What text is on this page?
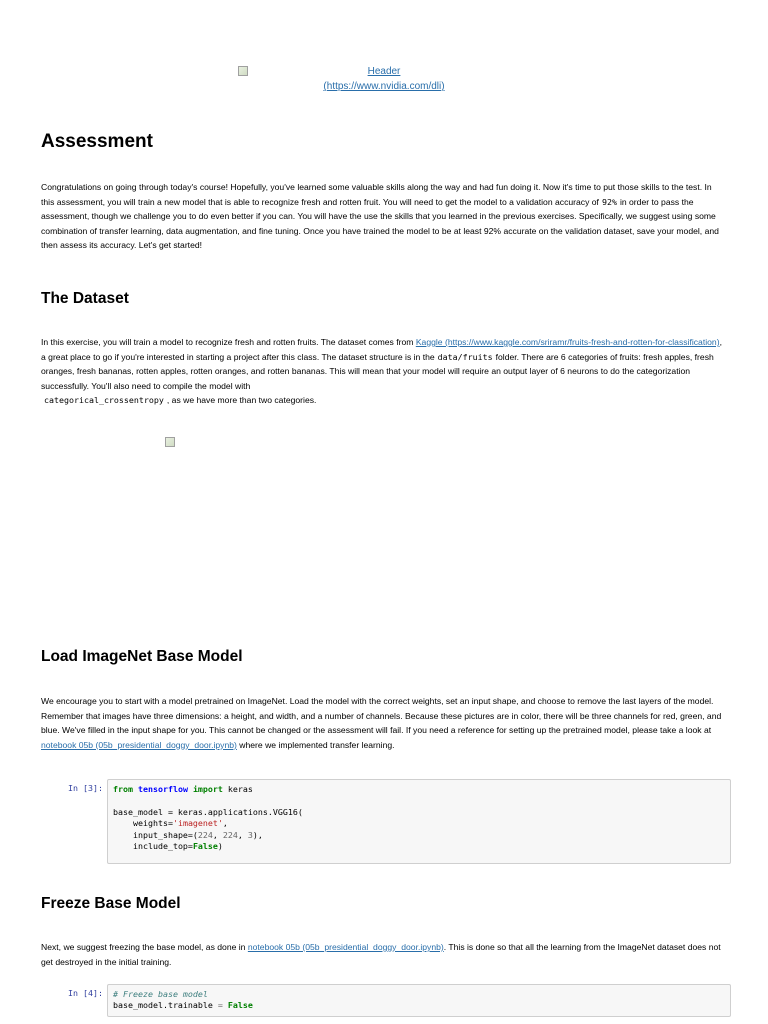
Header
(https://www.nvidia.com/dli)
Assessment

Congratulations on going through today's course! Hopefully, you've learned some valuable skills along the way and had fun doing it. Now it's time to put those skills to the test. In this assessment, you will train a new model that is able to recognize fresh and rotten fruit. You will need to get the model to a validation accuracy of 92% in order to pass the assessment, though we challenge you to do even better if you can. You will have the use the skills that you learned in the previous exercises. Specifically, we suggest using some combination of transfer learning, data augmentation, and fine tuning. Once you have trained the model to be at least 92% accurate on the validation dataset, save your model, and then assess its accuracy. Let's get started!

The Dataset

In this exercise, you will train a model to recognize fresh and rotten fruits. The dataset comes from Kaggle (https://www.kaggle.com/sriramr/fruits-fresh-and-rotten-for-classification), a great place to go if you're interested in starting a project after this class. The dataset structure is in the data/fruits folder. There are 6 categories of fruits: fresh apples, fresh oranges, fresh bananas, rotten apples, rotten oranges, and rotten bananas. This will mean that your model will require an output layer of 6 neurons to do the categorization successfully. You'll also need to compile the model with
categorical_crossentropy , as we have more than two categories.

Load ImageNet Base Model

We encourage you to start with a model pretrained on ImageNet. Load the model with the correct weights, set an input shape, and choose to remove the last layers of the model. Remember that images have three dimensions: a height, and width, and a number of channels. Because these pictures are in color, there will be three channels for red, green, and blue. We've filled in the input shape for you. This cannot be changed or the assessment will fail. If you need a reference for setting up the pretrained model, please take a look at notebook 05b (05b_presidential_doggy_door.ipynb) where we implemented transfer learning.

In [3]: from tensorflow import keras

base_model = keras.applications.VGG16(
weights='imagenet',
input_shape=(224, 224, 3),
include_top=False)
Freeze Base Model

Next, we suggest freezing the base model, as done in notebook 05b (05b_presidential_doggy_door.ipynb). This is done so that all the learning from the ImageNet dataset does not get destroyed in the initial training.

In [4]: # Freeze base model
base_model.trainable = False
